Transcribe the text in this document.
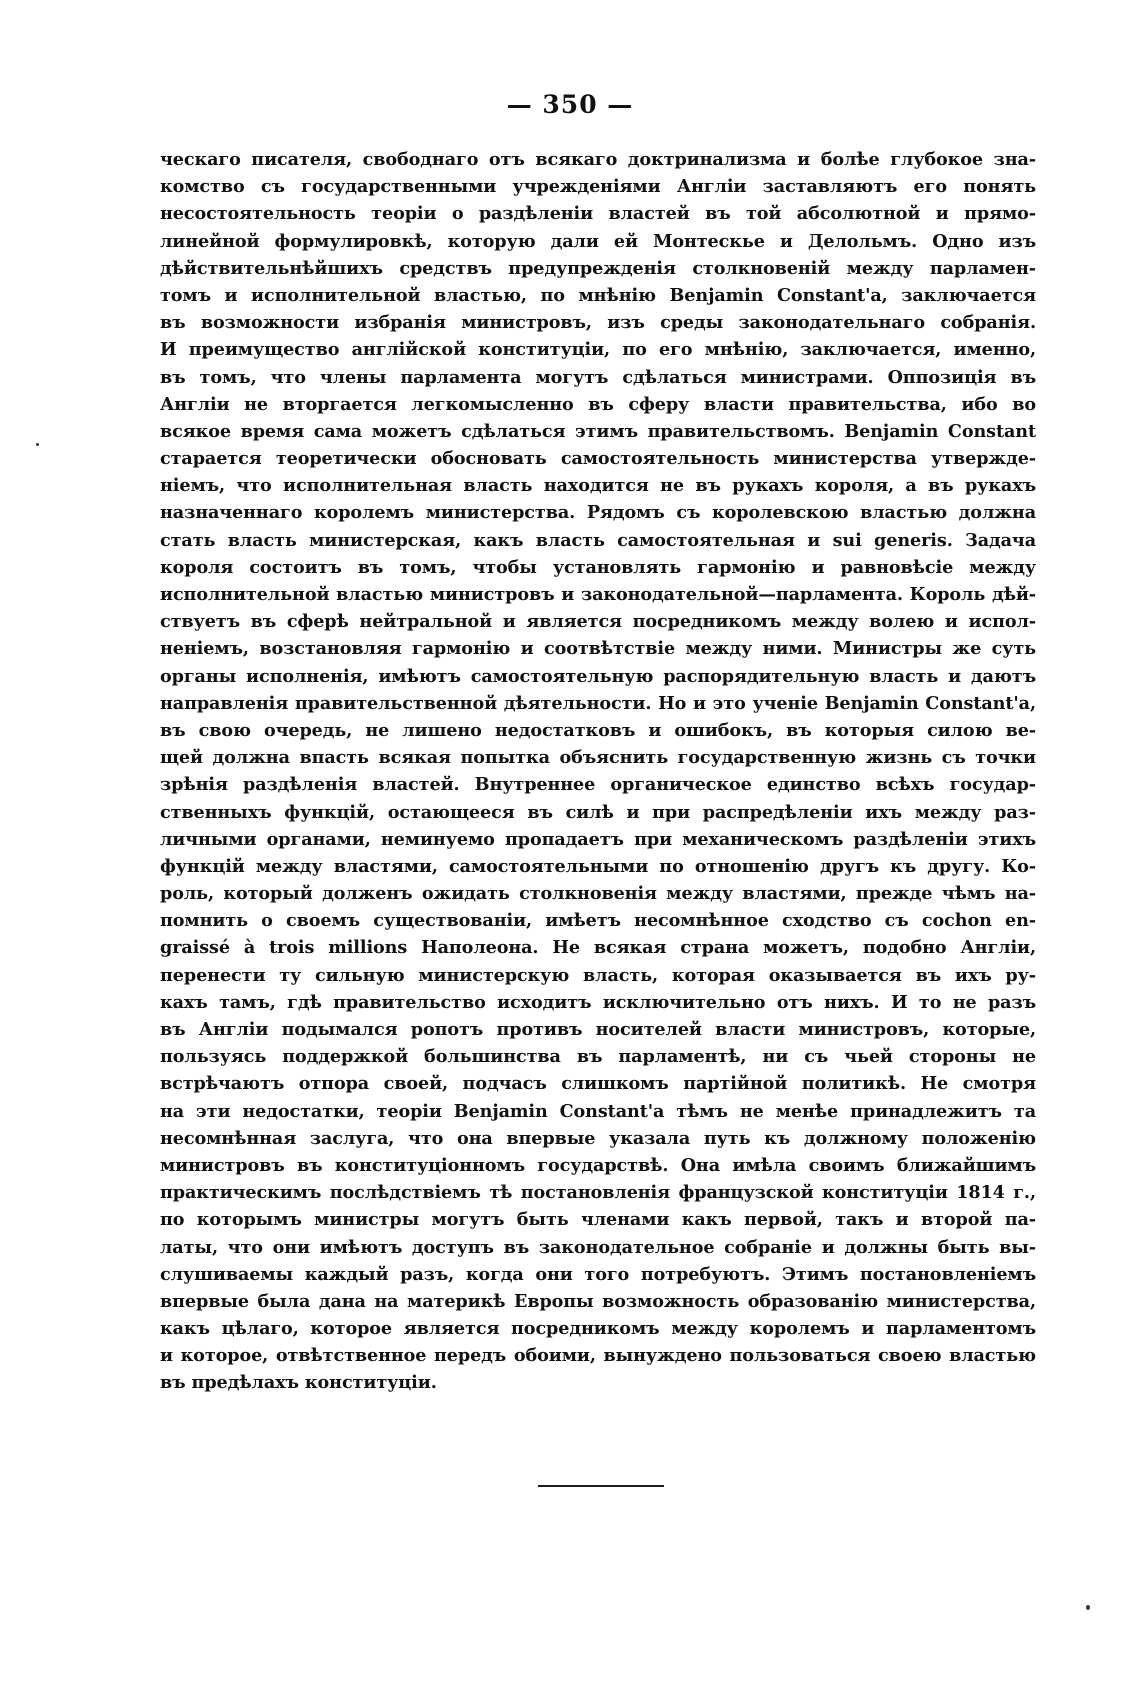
— 350 —
ческаго писателя, свободнаго отъ всякаго доктринализма и болѣе глубокое зна-
комство съ государственными учрежденіями Англіи заставляютъ его понять
несостоятельность теоріи о раздѣленіи властей въ той абсолютной и прямо-
линейной формулировкѣ, которую дали ей Монтескье и Делольмъ. Одно изъ
дѣйствительнѣйшихъ средствъ предупрежденія столкновеній между парламен-
томъ и исполнительной властью, по мнѣнію Benjamin Constant'a, заключается
въ возможности избранія министровъ, изъ среды законодательнаго собранія.
И преимущество англійской конституціи, по его мнѣнію, заключается, именно,
въ томъ, что члены парламента могутъ сдѣлаться министрами. Оппозиція въ
Англіи не вторгается легкомысленно въ сферу власти правительства, ибо во
всякое время сама можетъ сдѣлаться этимъ правительствомъ. Benjamin Constant
старается теоретически обосновать самостоятельность министерства утвержде-
ніемъ, что исполнительная власть находится не въ рукахъ короля, а въ рукахъ
назначеннаго королемъ министерства. Рядомъ съ королевскою властью должна
стать власть министерская, какъ власть самостоятельная и sui generis. Задача
короля состоитъ въ томъ, чтобы установлять гармонію и равновѣсіе между
исполнительной властью министровъ и законодательной—парламента. Король дѣй-
ствуетъ въ сферѣ нейтральной и является посредникомъ между волею и испол-
неніемъ, возстановляя гармонію и соотвѣтствіе между ними. Министры же суть
органы исполненія, имѣютъ самостоятельную распорядительную власть и даютъ
направленія правительственной дѣятельности. Но и это ученіе Benjamin Constant'a,
въ свою очередь, не лишено недостатковъ и ошибокъ, въ которыя силою ве-
щей должна впасть всякая попытка объяснить государственную жизнь съ точки
зрѣнія раздѣленія властей. Внутреннее органическое единство всѣхъ государ-
ственныхъ функцій, остающееся въ силѣ и при распредѣленіи ихъ между раз-
личными органами, неминуемо пропадаетъ при механическомъ раздѣленіи этихъ
функцій между властями, самостоятельными по отношенію другъ къ другу. Ко-
роль, который долженъ ожидать столкновенія между властями, прежде чѣмъ на-
помнить о своемъ существованіи, имѣетъ несомнѣнное сходство съ cochon en-
graissé à trois millions Наполеона. Не всякая страна можетъ, подобно Англіи,
перенести ту сильную министерскую власть, которая оказывается въ ихъ ру-
кахъ тамъ, гдѣ правительство исходитъ исключительно отъ нихъ. И то не разъ
въ Англіи подымался ропотъ противъ носителей власти министровъ, которые,
пользуясь поддержкой большинства въ парламентѣ, ни съ чьей стороны не
встрѣчаютъ отпора своей, подчасъ слишкомъ партійной политикѣ. Не смотря
на эти недостатки, теоріи Benjamin Constant'a тѣмъ не менѣе принадлежитъ та
несомнѣнная заслуга, что она впервые указала путь къ должному положенію
министровъ въ конституціонномъ государствѣ. Она имѣла своимъ ближайшимъ
практическимъ послѣдствіемъ тѣ постановленія французской конституціи 1814 г.,
по которымъ министры могутъ быть членами какъ первой, такъ и второй па-
латы, что они имѣютъ доступъ въ законодательное собраніе и должны быть вы-
слушиваемы каждый разъ, когда они того потребуютъ. Этимъ постановленіемъ
впервые была дана на материкѣ Европы возможность образованію министерства,
какъ цѣлаго, которое является посредникомъ между королемъ и парламентомъ
и которое, отвѣтственное передъ обоими, вынуждено пользоваться своею властью
въ предѣлахъ конституціи.
